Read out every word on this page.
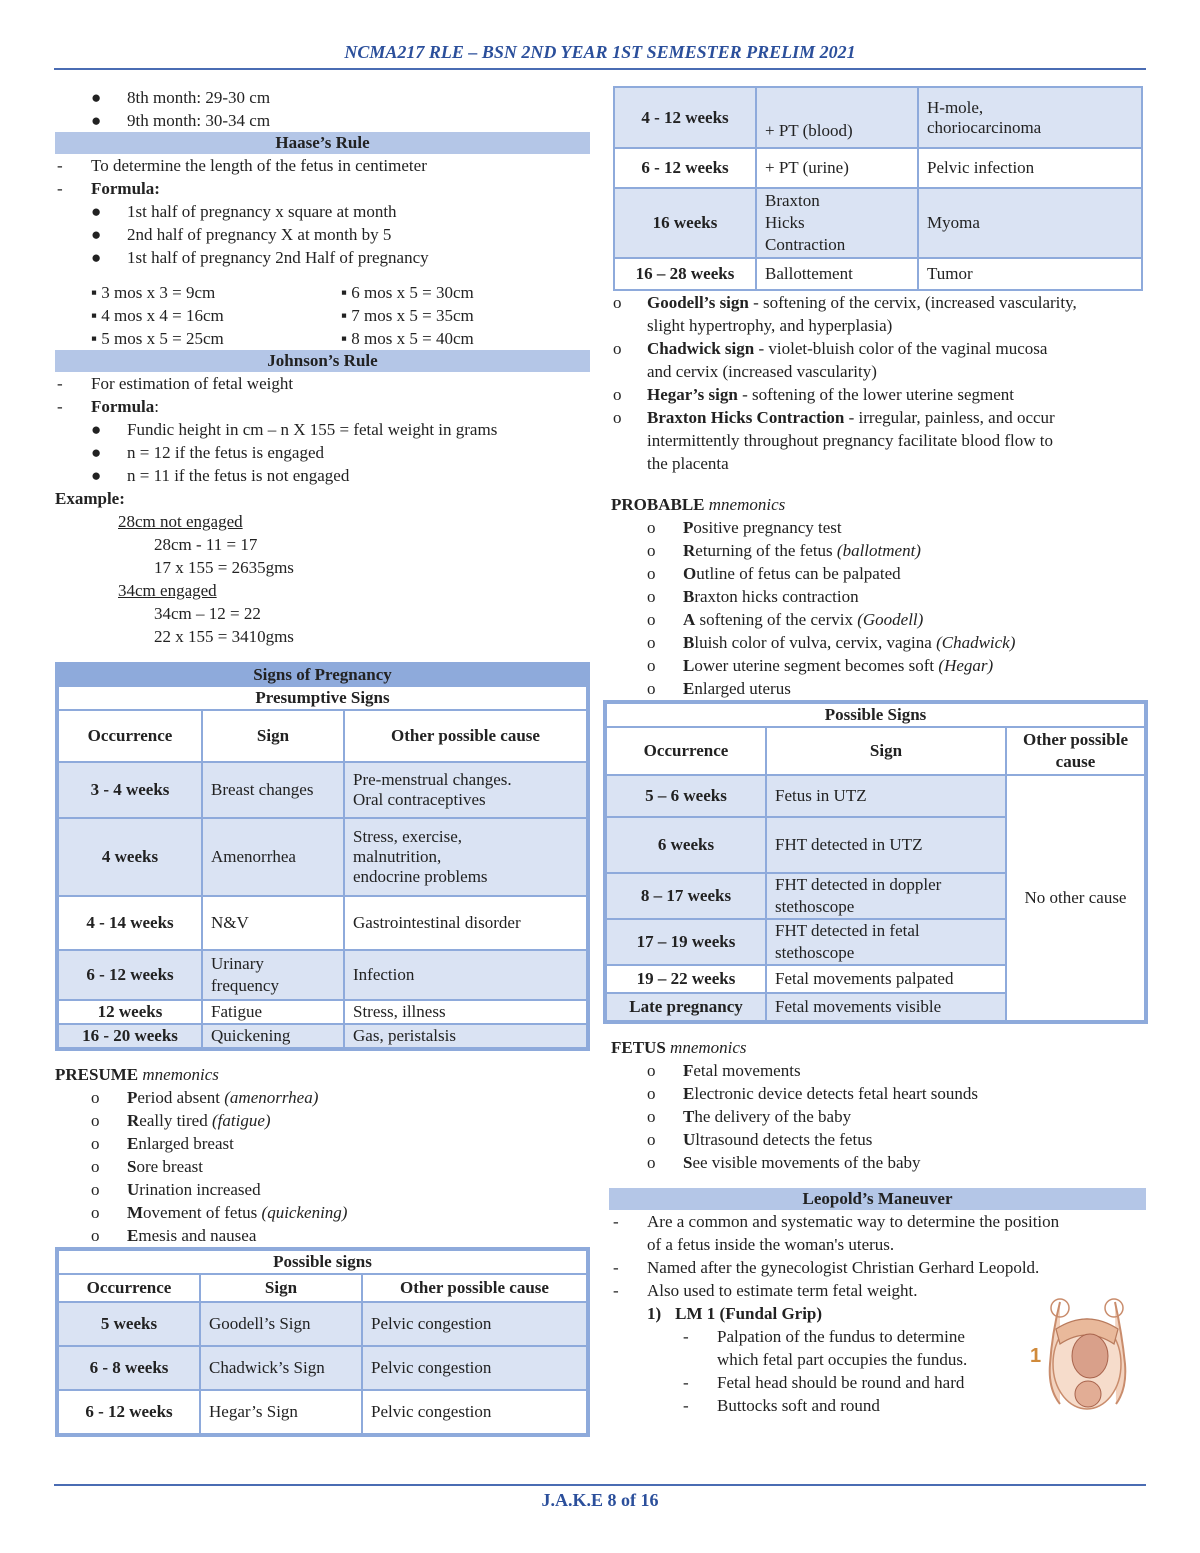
NCMA217 RLE – BSN 2ND YEAR 1ST SEMESTER PRELIM 2021
● 8th month: 29-30 cm
● 9th month: 30-34 cm
Haase’s Rule
- To determine the length of the fetus in centimeter
- Formula:
● 1st half of pregnancy x square at month
● 2nd half of pregnancy X at month by 5
● 1st half of pregnancy 2nd Half of pregnancy
▪ 3 mos x 3 = 9cm
▪ 4 mos x 4 = 16cm
▪ 5 mos x 5 = 25cm
▪ 6 mos x 5 = 30cm
▪ 7 mos x 5 = 35cm
▪ 8 mos x 5 = 40cm
Johnson’s Rule
- For estimation of fetal weight
- Formula:
● Fundic height in cm – n X 155 = fetal weight in grams
● n = 12 if the fetus is engaged
● n = 11 if the fetus is not engaged
Example:
28cm not engaged
28cm - 11 = 17
17 x 155 = 2635gms
34cm engaged
34cm – 12 = 22
22 x 155 = 3410gms
Signs of Pregnancy
Presumptive Signs		
Occurrence	Sign	Other possible cause
3 - 4 weeks	Breast changes	Pre-menstrual changes.
Oral contraceptives

4 weeks	Amenorrhea	Stress, exercise,
malnutrition,
endocrine problems

4 - 14 weeks	N&V	Gastrointestinal disorder
6 - 12 weeks	Urinary
frequency	Infection
12 weeks	Fatigue	Stress, illness
16 - 20 weeks	Quickening	Gas, peristalsis
PRESUME mnemonics
o Period absent (amenorrhea)
o Really tired (fatigue)
o Enlarged breast
o Sore breast
o Urination increased
o Movement of fetus (quickening)
o Emesis and nausea
Possible signs		
Occurrence	Sign	Other possible cause
5 weeks	Goodell’s Sign	Pelvic congestion
6 - 8 weeks	Chadwick’s Sign	Pelvic congestion
6 - 12 weeks	Hegar’s Sign	Pelvic congestion
4 - 12 weeks	+ PT (blood)	H-mole,
choriocarcinoma

6 - 12 weeks	+ PT (urine)	Pelvic infection
16 weeks	Braxton
Hicks
Contraction	Myoma
16 – 28 weeks	Ballottement	Tumor
o Goodell’s sign - softening of the cervix, (increased vascularity,
slight hypertrophy, and hyperplasia)
o Chadwick sign - violet-bluish color of the vaginal mucosa
and cervix (increased vascularity)
o Hegar’s sign - softening of the lower uterine segment
o Braxton Hicks Contraction - irregular, painless, and occur
intermittently throughout pregnancy facilitate blood flow to
the placenta
PROBABLE mnemonics
o Positive pregnancy test
o Returning of the fetus (ballotment)
o Outline of fetus can be palpated
o Braxton hicks contraction
o A softening of the cervix (Goodell)
o Bluish color of vulva, cervix, vagina (Chadwick)
o Lower uterine segment becomes soft (Hegar)
o Enlarged uterus
Possible Signs		
Occurrence	Sign	Other possible
cause

5 – 6 weeks	Fetus in UTZ	No other cause
6 weeks	FHT detected in UTZ	
8 – 17 weeks	FHT detected in doppler
stethoscope	

17 – 19 weeks	FHT detected in fetal
stethoscope	

19 – 22 weeks	Fetal movements palpated	
Late pregnancy	Fetal movements visible	
FETUS mnemonics
o Fetal movements
o Electronic device detects fetal heart sounds
o The delivery of the baby
o Ultrasound detects the fetus
o See visible movements of the baby
Leopold’s Maneuver
- Are a common and systematic way to determine the position
of a fetus inside the woman's uterus.
- Named after the gynecologist Christian Gerhard Leopold.
- Also used to estimate term fetal weight.
1) LM 1 (Fundal Grip)
- Palpation of the fundus to determine
which fetal part occupies the fundus.
- Fetal head should be round and hard
- Buttocks soft and round
1
J.A.K.E 8 of 16
